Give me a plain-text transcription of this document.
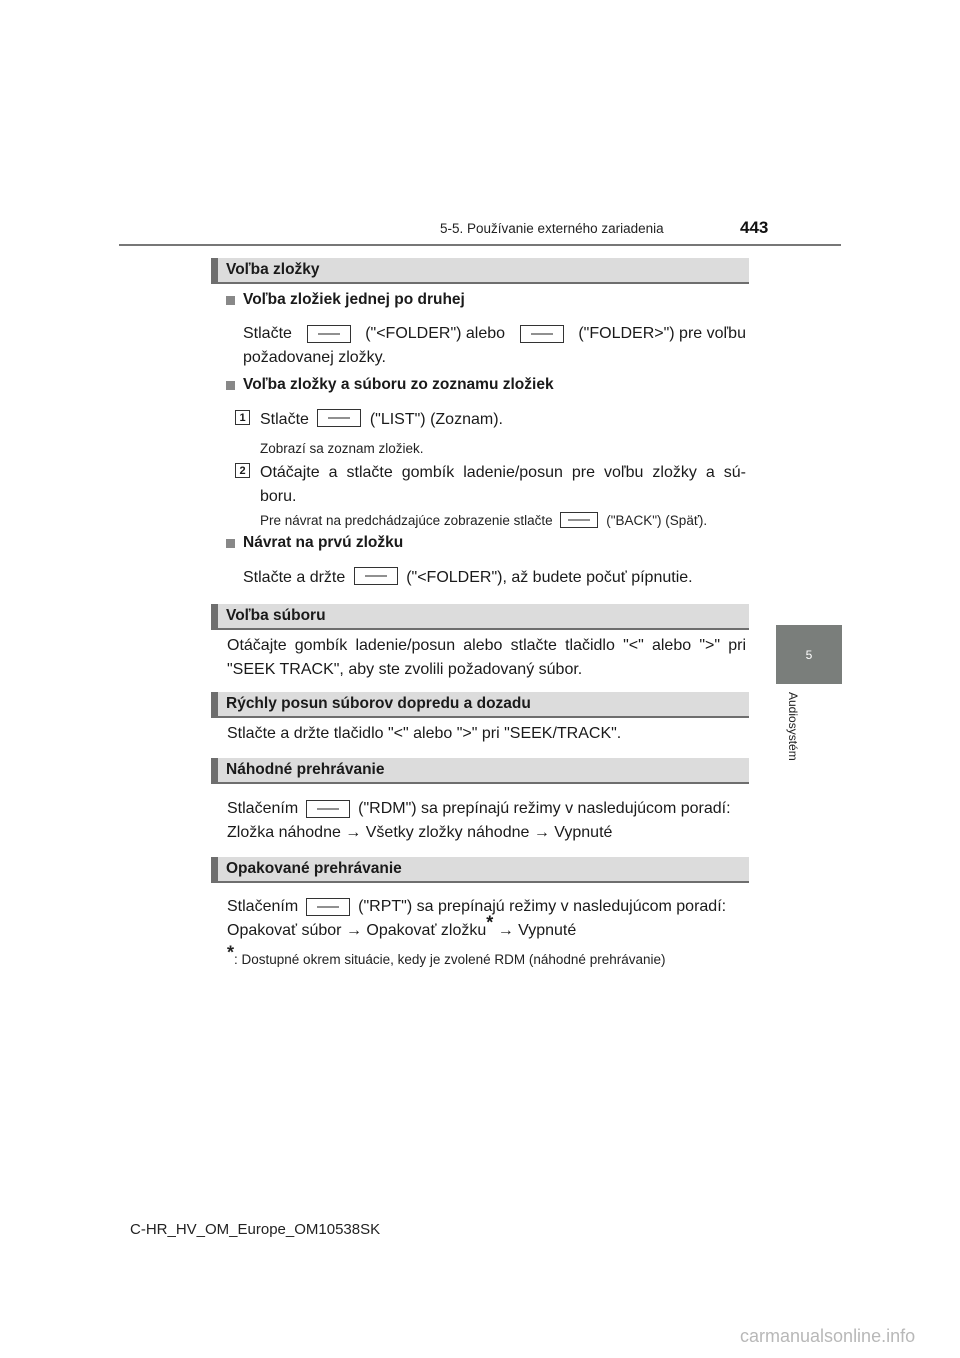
5-5. Používanie externého zariadenia	443
5
Audiosystém
Voľba zložky
Voľba zložiek jednej po druhej
Stlačte	("<FOLDER") alebo	("FOLDER>") pre voľbu
požadovanej zložky.
Voľba zložky a súboru zo zoznamu zložiek
1 Stlačte	("LIST") (Zoznam).
Zobrazí sa zoznam zložiek.
2 Otáčajte a stlačte gombík ladenie/posun pre voľbu zložky a sú-
boru.
Pre návrat na predchádzajúce zobrazenie stlačte	("BACK") (Späť).
Návrat na prvú zložku
Stlačte a držte	("<FOLDER"), až budete počuť pípnutie.
Voľba súboru
Otáčajte gombík ladenie/posun alebo stlačte tlačidlo "<" alebo ">" pri
"SEEK TRACK", aby ste zvolili požadovaný súbor.
Rýchly posun súborov dopredu a dozadu
Stlačte a držte tlačidlo "<" alebo ">" pri "SEEK/TRACK".
Náhodné prehrávanie
Stlačením	("RDM") sa prepínajú režimy v nasledujúcom poradí:
Zložka náhodne → Všetky zložky náhodne → Vypnuté
Opakované prehrávanie
Stlačením	("RPT") sa prepínajú režimy v nasledujúcom poradí:
Opakovať súbor → Opakovať zložku* → Vypnuté
*: Dostupné okrem situácie, kedy je zvolené RDM (náhodné prehrávanie)
C-HR_HV_OM_Europe_OM10538SK
carmanualsonline.info
